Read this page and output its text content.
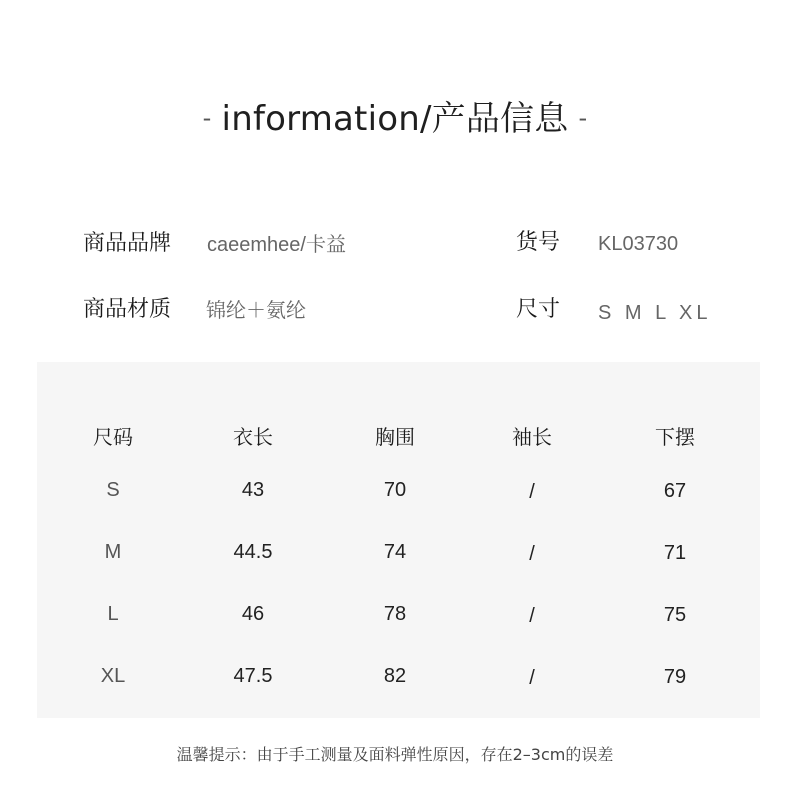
- information/产品信息 -
商品品牌 caeemhee/卡益	货号 KL03730
商品材质 锦纶＋氨纶	尺寸 S M L XL
尺码	衣长	胸围	袖长	下摆
S	43	70	/	67
M	44.5	74	/	71
L	46	78	/	75
XL	47.5	82	/	79
温馨提示：由于手工测量及面料弹性原因，存在2–3cm的误差
